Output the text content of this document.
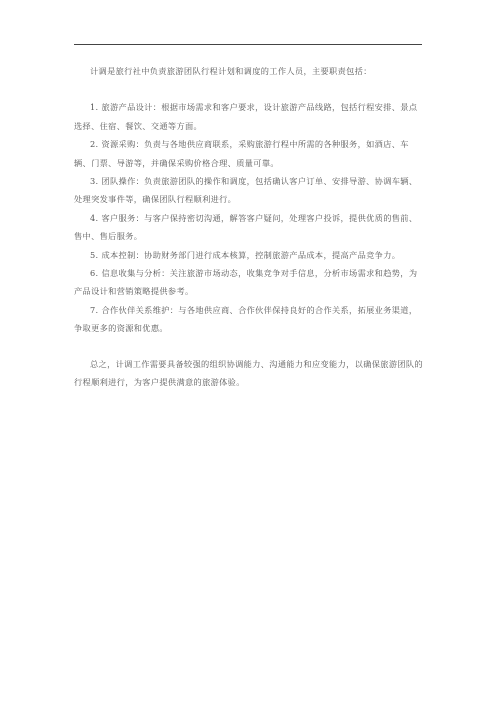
计调是旅行社中负责旅游团队行程计划和调度的工作人员，主要职责包括：

1. 旅游产品设计：根据市场需求和客户要求，设计旅游产品线路，包括行程安排、景点选择、住宿、餐饮、交通等方面。

2. 资源采购：负责与各地供应商联系，采购旅游行程中所需的各种服务，如酒店、车辆、门票、导游等，并确保采购价格合理、质量可靠。

3. 团队操作：负责旅游团队的操作和调度，包括确认客户订单、安排导游、协调车辆、处理突发事件等，确保团队行程顺利进行。

4. 客户服务：与客户保持密切沟通，解答客户疑问，处理客户投诉，提供优质的售前、售中、售后服务。

5. 成本控制：协助财务部门进行成本核算，控制旅游产品成本，提高产品竞争力。

6. 信息收集与分析：关注旅游市场动态，收集竞争对手信息，分析市场需求和趋势，为产品设计和营销策略提供参考。

7. 合作伙伴关系维护：与各地供应商、合作伙伴保持良好的合作关系，拓展业务渠道，争取更多的资源和优惠。

总之，计调工作需要具备较强的组织协调能力、沟通能力和应变能力，以确保旅游团队的行程顺利进行，为客户提供满意的旅游体验。
